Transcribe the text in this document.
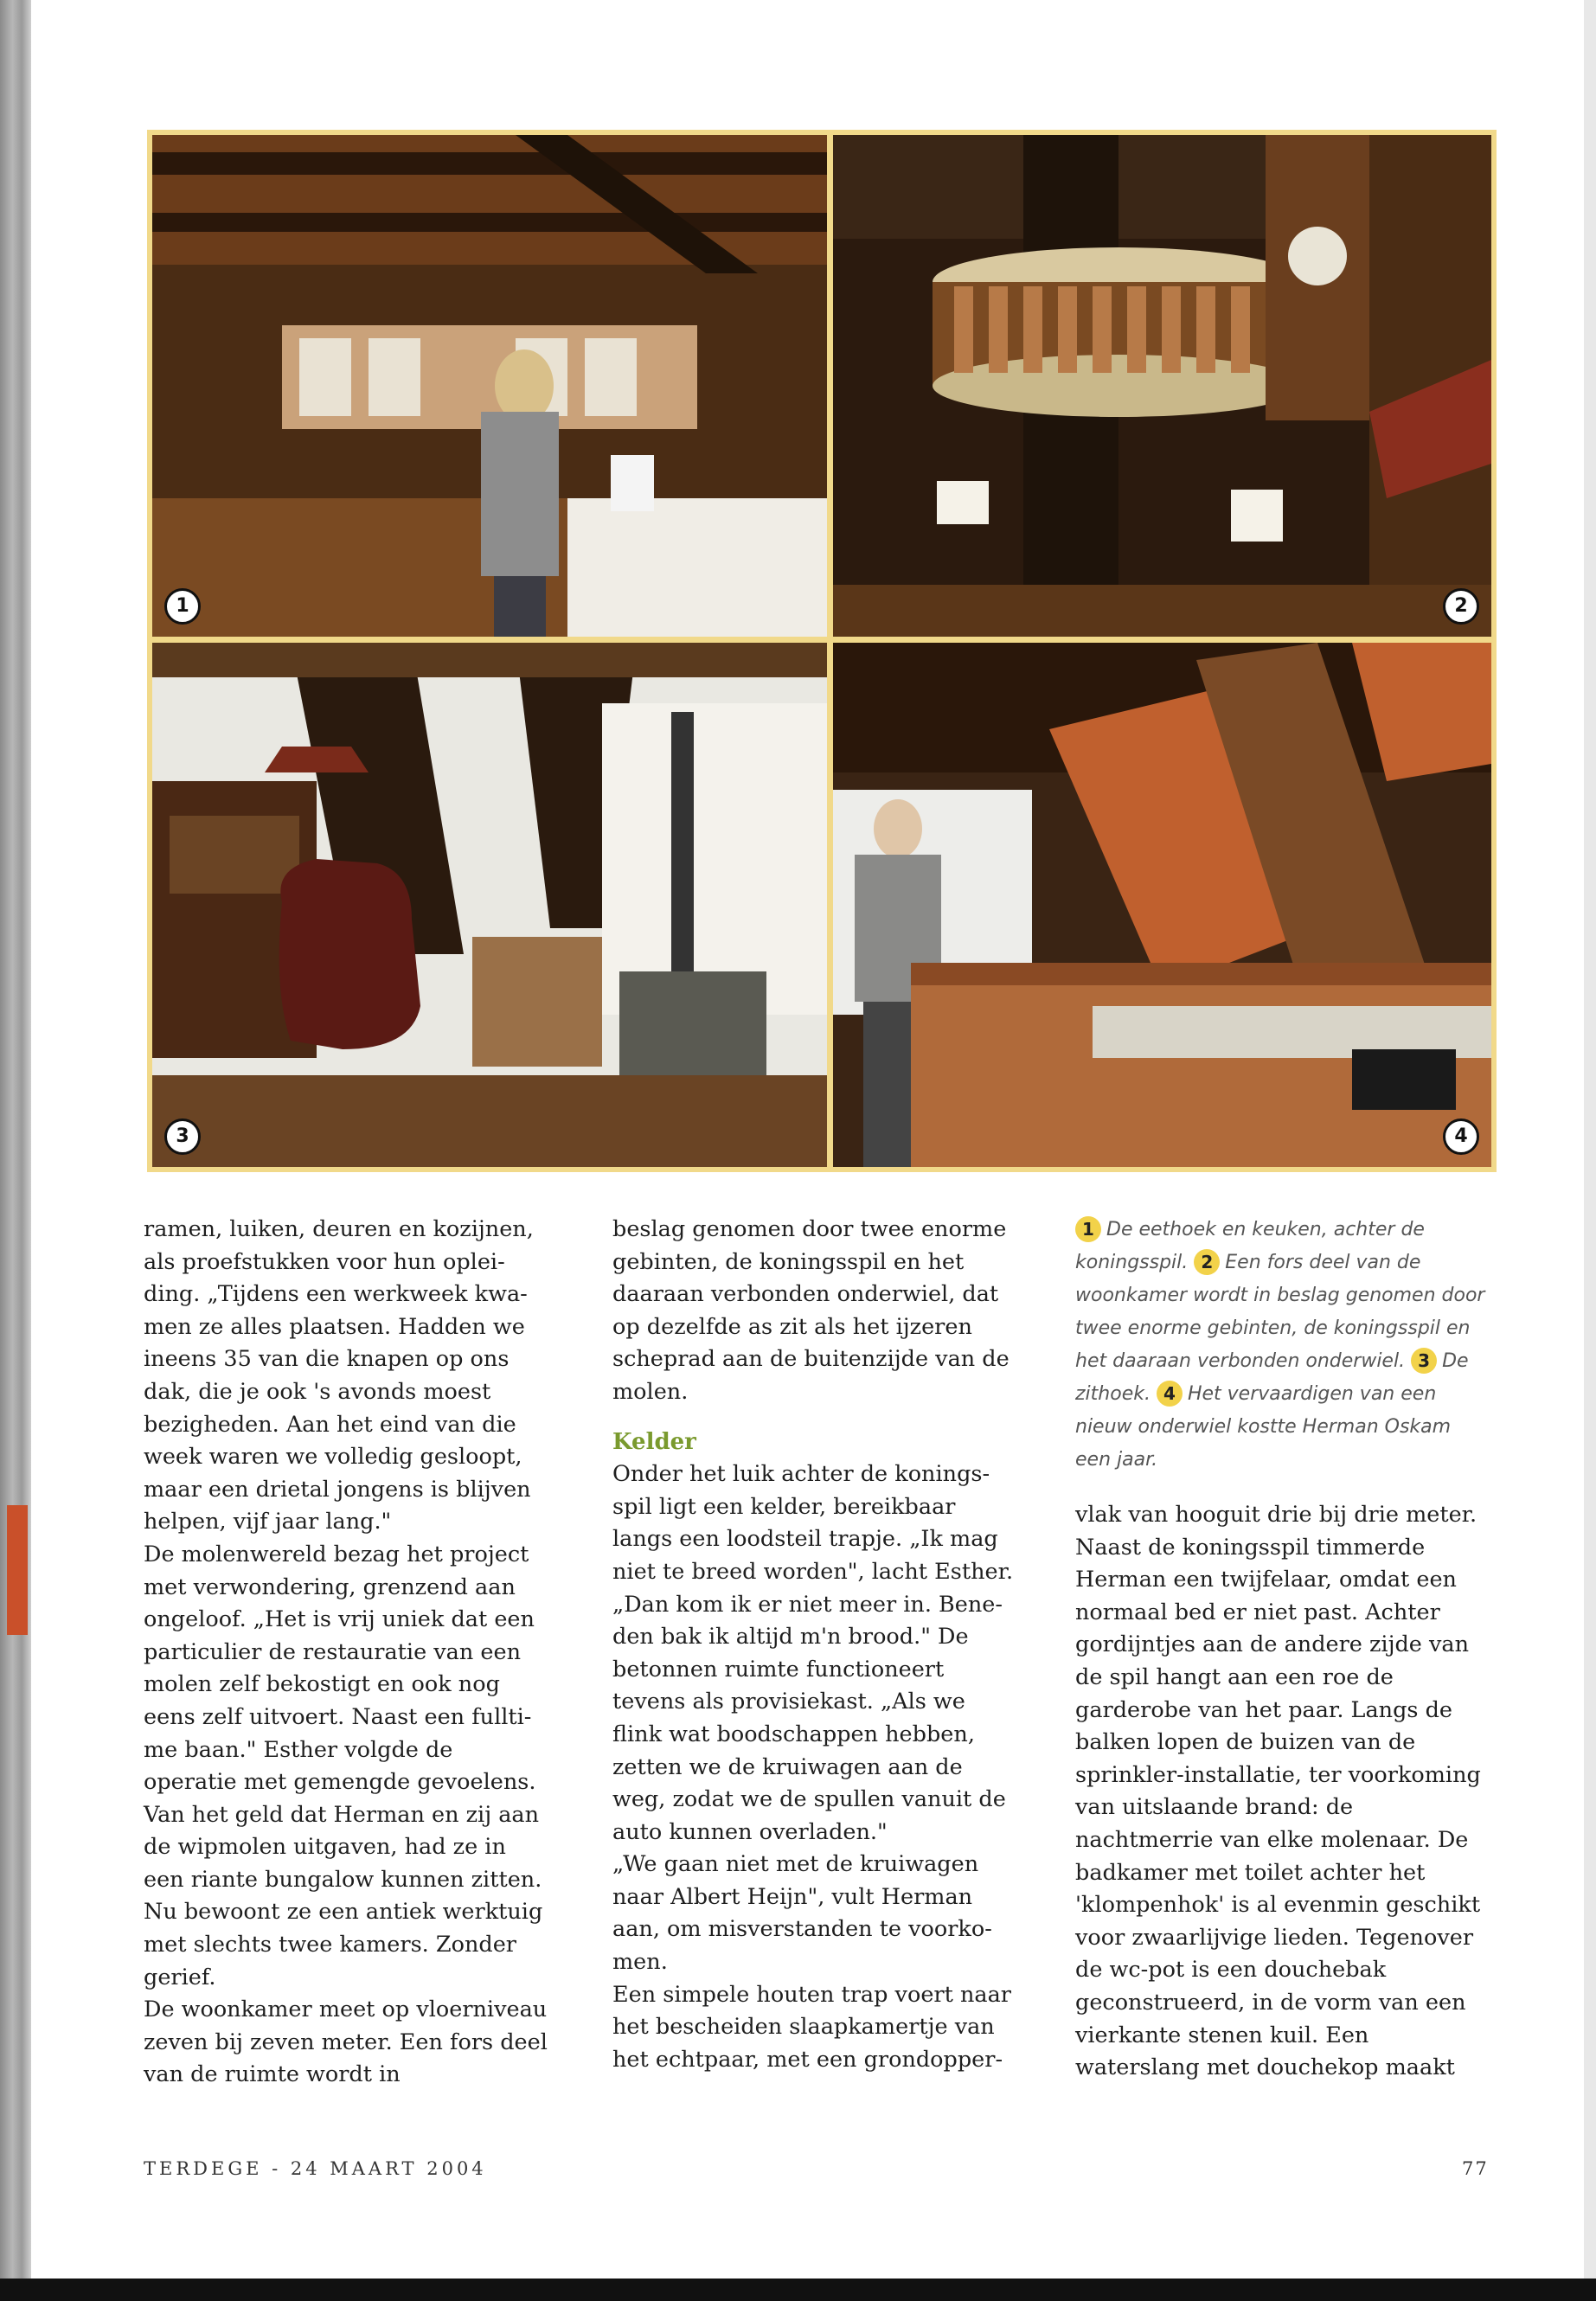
1	2
3	4

ramen, luiken, deuren en kozijnen, als proefstukken voor hun opleiding. „Tijdens een werkweek kwamen ze alles plaatsen. Hadden we ineens 35 van die knapen op ons dak, die je ook 's avonds moest bezigheden. Aan het eind van die week waren we volledig gesloopt, maar een drietal jongens is blijven helpen, vijf jaar lang."

De molenwereld bezag het project met verwondering, grenzend aan ongeloof. „Het is vrij uniek dat een particulier de restauratie van een molen zelf bekostigt en ook nog eens zelf uitvoert. Naast een fulltime baan." Esther volgde de operatie met gemengde gevoelens. Van het geld dat Herman en zij aan de wipmolen uitgaven, had ze in een riante bungalow kunnen zitten. Nu bewoont ze een antiek werktuig met slechts twee kamers. Zonder gerief.

De woonkamer meet op vloerniveau zeven bij zeven meter. Een fors deel van de ruimte wordt in

beslag genomen door twee enorme gebinten, de koningsspil en het daaraan verbonden onderwiel, dat op dezelfde as zit als het ijzeren scheprad aan de buitenzijde van de molen.

Kelder

Onder het luik achter de koningsspil ligt een kelder, bereikbaar langs een loodsteil trapje. „Ik mag niet te breed worden", lacht Esther. „Dan kom ik er niet meer in. Beneden bak ik altijd m'n brood." De betonnen ruimte functioneert tevens als provisiekast. „Als we flink wat boodschappen hebben, zetten we de kruiwagen aan de weg, zodat we de spullen vanuit de auto kunnen overladen."

„We gaan niet met de kruiwagen naar Albert Heijn", vult Herman aan, om misverstanden te voorkomen.

Een simpele houten trap voert naar het bescheiden slaapkamertje van het echtpaar, met een grondopper-

1 De eethoek en keuken, achter de koningsspil. 2 Een fors deel van de woonkamer wordt in beslag genomen door twee enorme gebinten, de koningsspil en het daaraan verbonden onderwiel. 3 De zithoek. 4 Het vervaardigen van een nieuw onderwiel kostte Herman Oskam een jaar.

vlak van hooguit drie bij drie meter. Naast de koningsspil timmerde Herman een twijfelaar, omdat een normaal bed er niet past. Achter gordijntjes aan de andere zijde van de spil hangt aan een roe de garderobe van het paar. Langs de balken lopen de buizen van de sprinkler-installatie, ter voorkoming van uitslaande brand: de nachtmerrie van elke molenaar. De badkamer met toilet achter het 'klompenhok' is al evenmin geschikt voor zwaarlijvige lieden. Tegenover de wc-pot is een douchebak geconstrueerd, in de vorm van een vierkante stenen kuil. Een waterslang met douchekop maakt

TERDEGE - 24 MAART 2004	77
